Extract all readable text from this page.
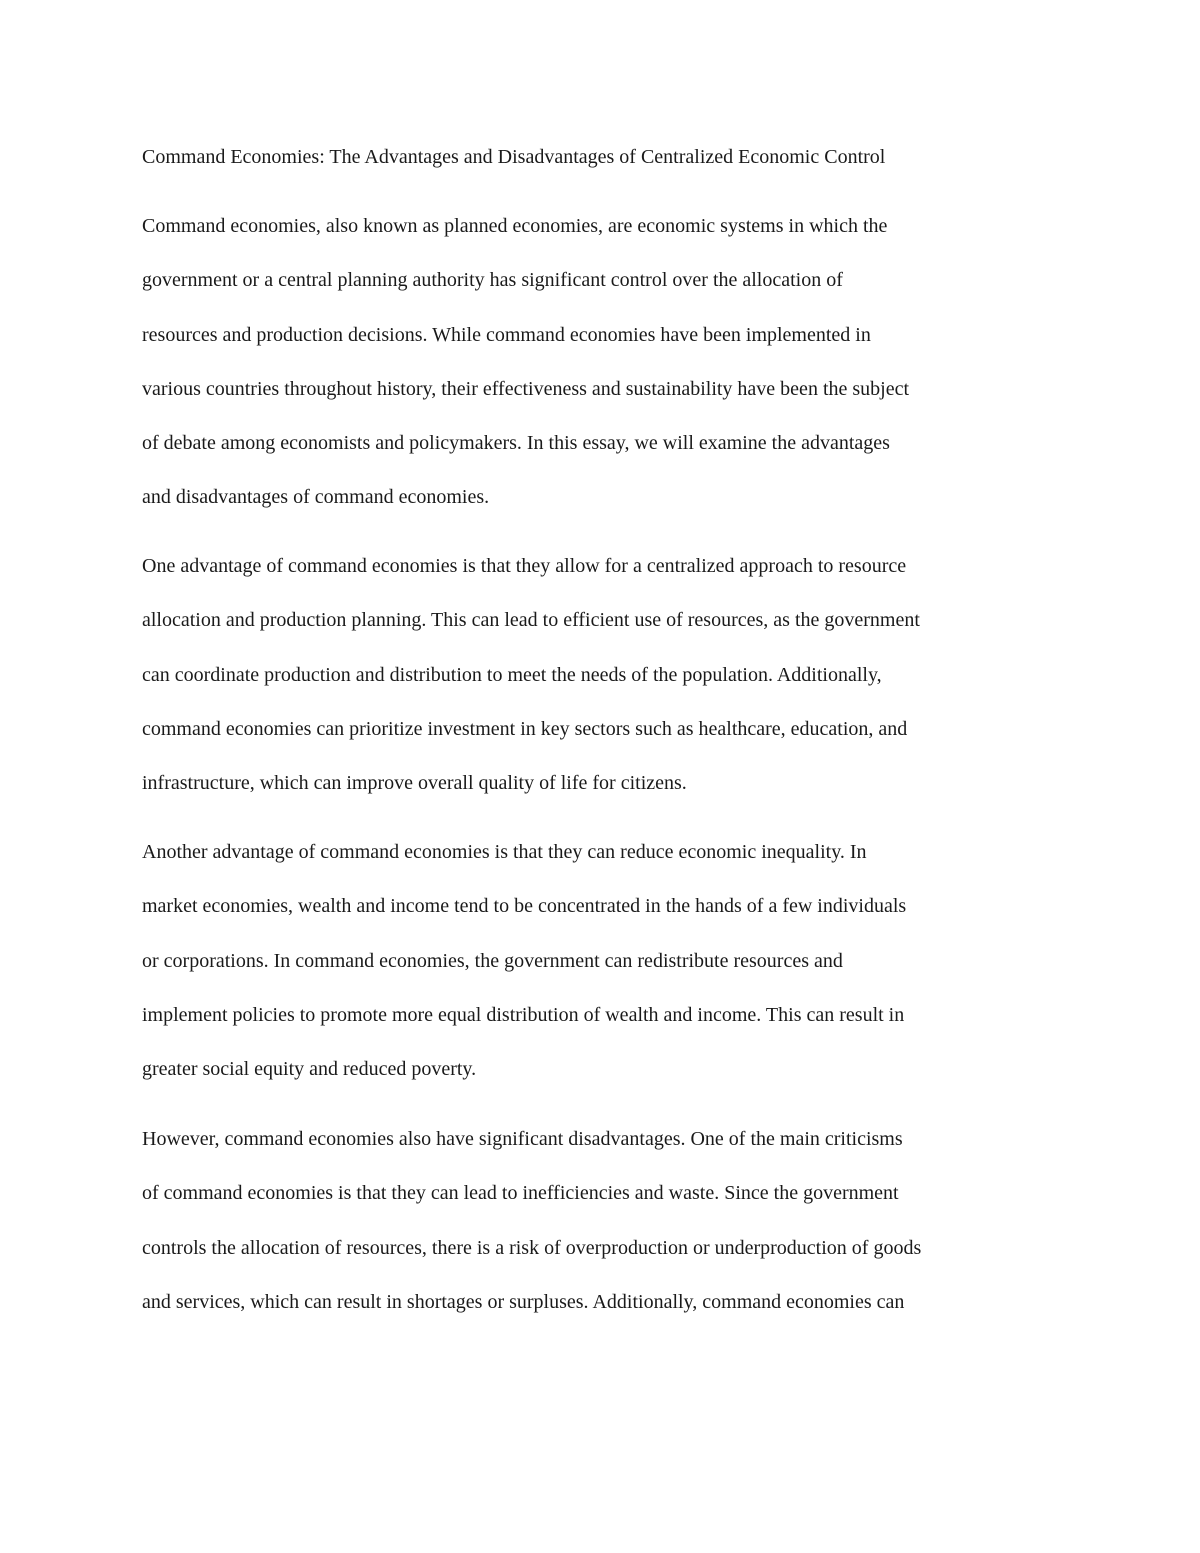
Command Economies: The Advantages and Disadvantages of Centralized Economic Control

Command economies, also known as planned economies, are economic systems in which the
government or a central planning authority has significant control over the allocation of
resources and production decisions. While command economies have been implemented in
various countries throughout history, their effectiveness and sustainability have been the subject
of debate among economists and policymakers. In this essay, we will examine the advantages
and disadvantages of command economies.

One advantage of command economies is that they allow for a centralized approach to resource
allocation and production planning. This can lead to efficient use of resources, as the government
can coordinate production and distribution to meet the needs of the population. Additionally,
command economies can prioritize investment in key sectors such as healthcare, education, and
infrastructure, which can improve overall quality of life for citizens.

Another advantage of command economies is that they can reduce economic inequality. In
market economies, wealth and income tend to be concentrated in the hands of a few individuals
or corporations. In command economies, the government can redistribute resources and
implement policies to promote more equal distribution of wealth and income. This can result in
greater social equity and reduced poverty.

However, command economies also have significant disadvantages. One of the main criticisms
of command economies is that they can lead to inefficiencies and waste. Since the government
controls the allocation of resources, there is a risk of overproduction or underproduction of goods
and services, which can result in shortages or surpluses. Additionally, command economies can
